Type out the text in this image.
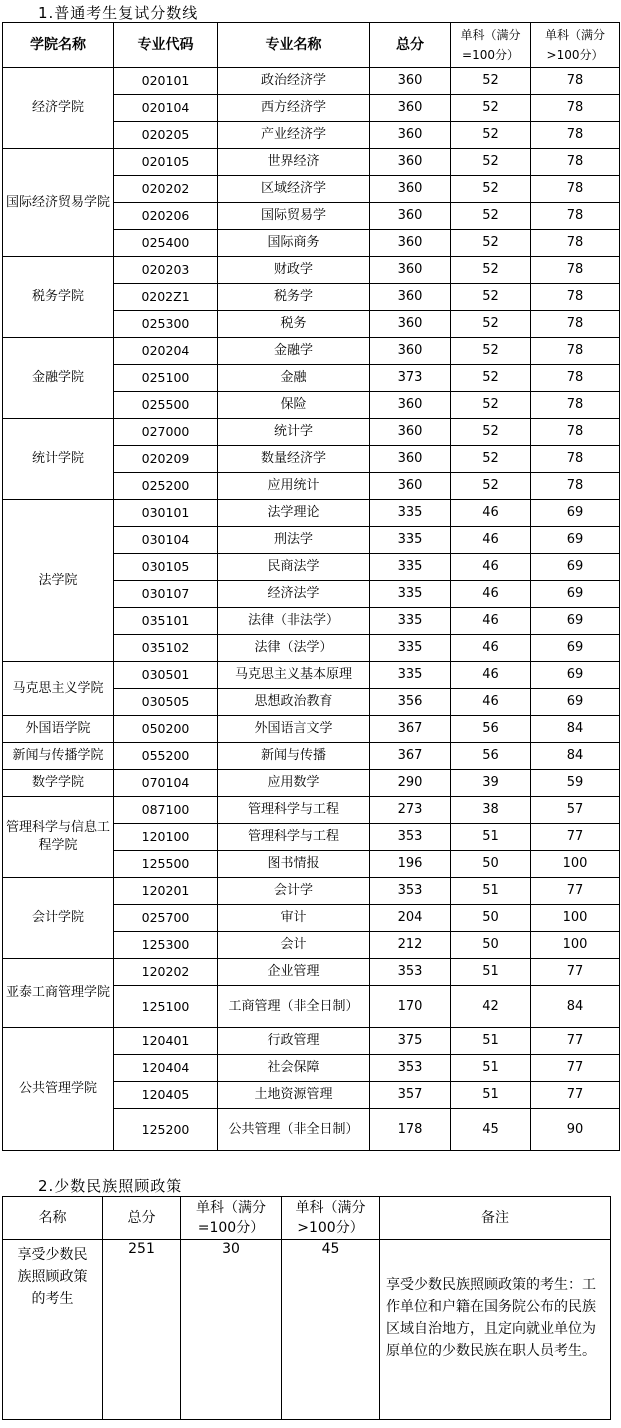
1.普通考生复试分数线
学院名称	专业代码	专业名称	总分	单科（满分=100分）	单科（满分>100分）
经济学院	020101	政治经济学	360	52	78
	020104	西方经济学	360	52	78
	020205	产业经济学	360	52	78
国际经济贸易学院	020105	世界经济	360	52	78
	020202	区域经济学	360	52	78
	020206	国际贸易学	360	52	78
	025400	国际商务	360	52	78
税务学院	020203	财政学	360	52	78
	0202Z1	税务学	360	52	78
	025300	税务	360	52	78
金融学院	020204	金融学	360	52	78
	025100	金融	373	52	78
	025500	保险	360	52	78
统计学院	027000	统计学	360	52	78
	020209	数量经济学	360	52	78
	025200	应用统计	360	52	78
法学院	030101	法学理论	335	46	69
	030104	刑法学	335	46	69
	030105	民商法学	335	46	69
	030107	经济法学	335	46	69
	035101	法律（非法学）	335	46	69
	035102	法律（法学）	335	46	69
马克思主义学院	030501	马克思主义基本原理	335	46	69
	030505	思想政治教育	356	46	69
外国语学院	050200	外国语言文学	367	56	84
新闻与传播学院	055200	新闻与传播	367	56	84
数学学院	070104	应用数学	290	39	59
管理科学与信息工程学院	087100	管理科学与工程	273	38	57
	120100	管理科学与工程	353	51	77
	125500	图书情报	196	50	100
会计学院	120201	会计学	353	51	77
	025700	审计	204	50	100
	125300	会计	212	50	100
亚泰工商管理学院	120202	企业管理	353	51	77
	125100	工商管理（非全日制）	170	42	84
公共管理学院	120401	行政管理	375	51	77
	120404	社会保障	353	51	77
	120405	土地资源管理	357	51	77
	125200	公共管理（非全日制）	178	45	90
2.少数民族照顾政策
名称	总分	单科（满分=100分）	单科（满分>100分）	备注
享受少数民族照顾政策的考生	251	30	45	享受少数民族照顾政策的考生：工作单位和户籍在国务院公布的民族区域自治地方，且定向就业单位为原单位的少数民族在职人员考生。
